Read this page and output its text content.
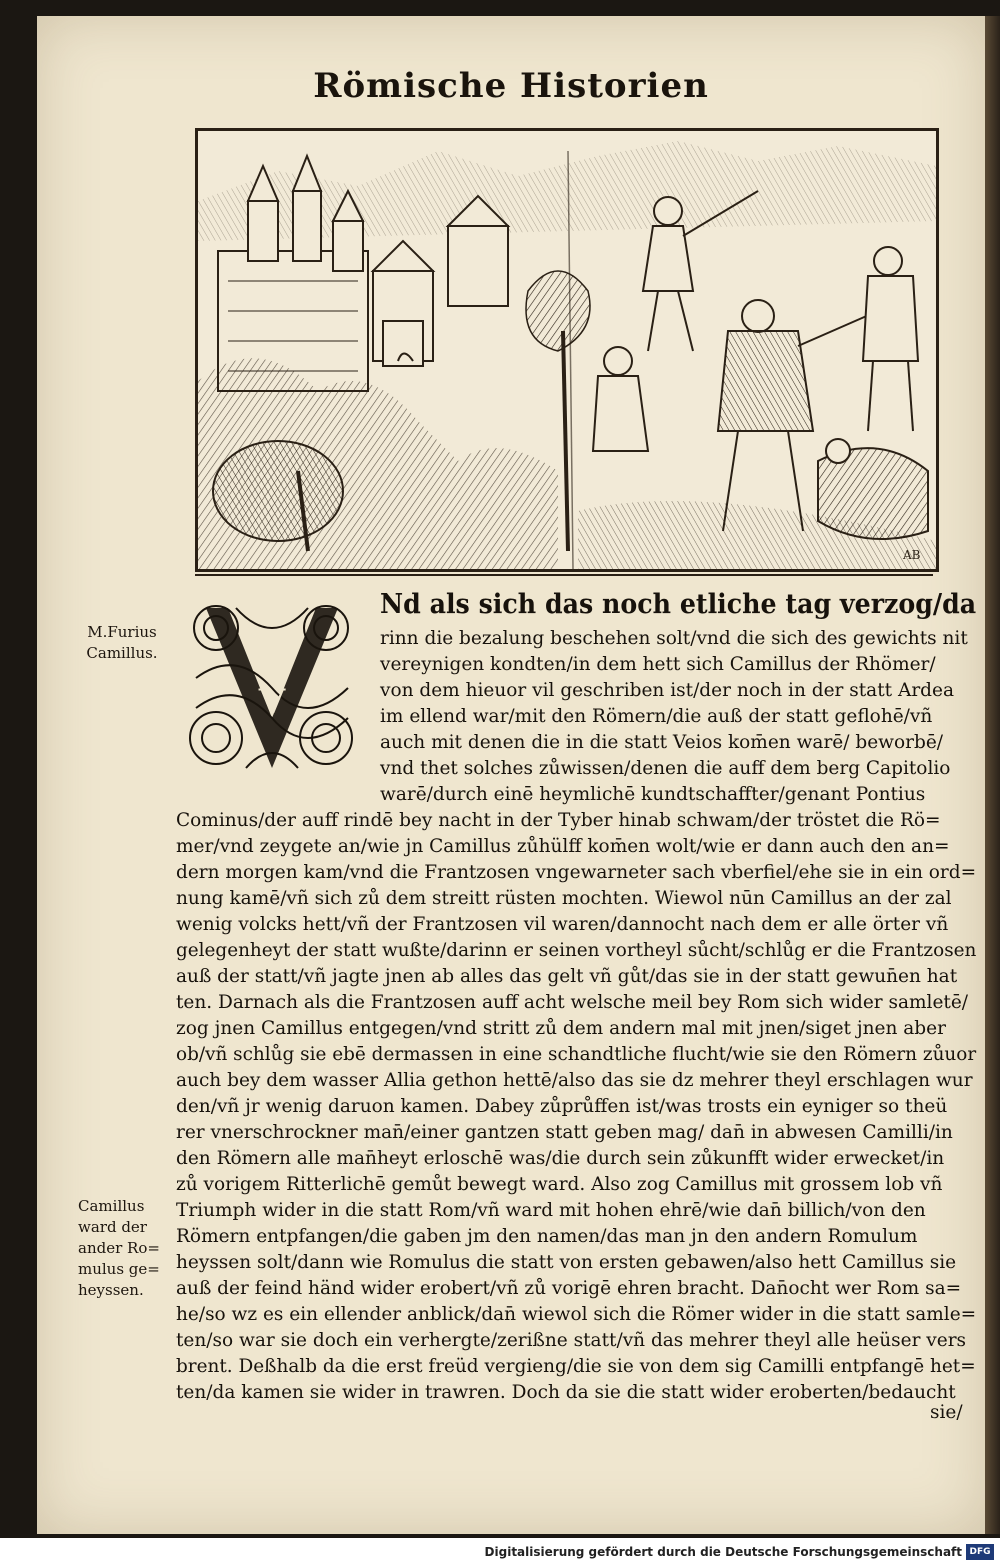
Römische Historien
AB
V
M.Furius
Camillus.
Camillus
ward der
ander Ro=
mulus ge=
heyssen.
Nd als sich das noch etliche tag verzog/da
rinn die bezalung beschehen solt/vnd die sich des gewichts nit
vereynigen kondten/in dem hett sich Camillus der Rhömer/
von dem hieuor vil geschriben ist/der noch in der statt Ardea
im ellend war/mit den Römern/die auß der statt geflohē/vñ
auch mit denen die in die statt Veios kom̄en warē/ beworbē/
vnd thet solches zůwissen/denen die auff dem berg Capitolio
warē/durch einē heymlichē kundtschaffter/genant Pontius
Cominus/der auff rindē bey nacht in der Tyber hinab schwam/der tröstet die Rö=
mer/vnd zeygete an/wie jn Camillus zůhülff kom̄en wolt/wie er dann auch den an=
dern morgen kam/vnd die Frantzosen vngewarneter sach vberfiel/ehe sie in ein ord=
nung kamē/vñ sich zů dem streitt rüsten mochten. Wiewol nūn Camillus an der zal
wenig volcks hett/vñ der Frantzosen vil waren/dannocht nach dem er alle örter vñ
gelegenheyt der statt wußte/darinn er seinen vortheyl sůcht/schlůg er die Frantzosen
auß der statt/vñ jagte jnen ab alles das gelt vñ gůt/das sie in der statt gewun̄en hat
ten. Darnach als die Frantzosen auff acht welsche meil bey Rom sich wider samletē/
zog jnen Camillus entgegen/vnd stritt zů dem andern mal mit jnen/siget jnen aber
ob/vñ schlůg sie ebē dermassen in eine schandtliche flucht/wie sie den Römern zůuor
auch bey dem wasser Allia gethon hettē/also das sie dz mehrer theyl erschlagen wur
den/vñ jr wenig daruon kamen. Dabey zůprůffen ist/was trosts ein eyniger so theü
rer vnerschrockner man̄/einer gantzen statt geben mag/ dan̄ in abwesen Camilli/in
den Römern alle man̄heyt erloschē was/die durch sein zůkunfft wider erwecket/in
zů vorigem Ritterlichē gemůt bewegt ward. Also zog Camillus mit grossem lob vñ
Triumph wider in die statt Rom/vñ ward mit hohen ehrē/wie dan̄ billich/von den
Römern entpfangen/die gaben jm den namen/das man jn den andern Romulum
heyssen solt/dann wie Romulus die statt von ersten gebawen/also hett Camillus sie
auß der feind händ wider erobert/vñ zů vorigē ehren bracht. Dan̄ocht wer Rom sa=
he/so wz es ein ellender anblick/dan̄ wiewol sich die Römer wider in die statt samle=
ten/so war sie doch ein verhergte/zerißne statt/vñ das mehrer theyl alle heüser vers
brent. Deßhalb da die erst freüd vergieng/die sie von dem sig Camilli entpfangē het=
ten/da kamen sie wider in trawren. Doch da sie die statt wider eroberten/bedaucht
sie/
Digitalisierung gefördert durch die Deutsche Forschungsgemeinschaft DFG
